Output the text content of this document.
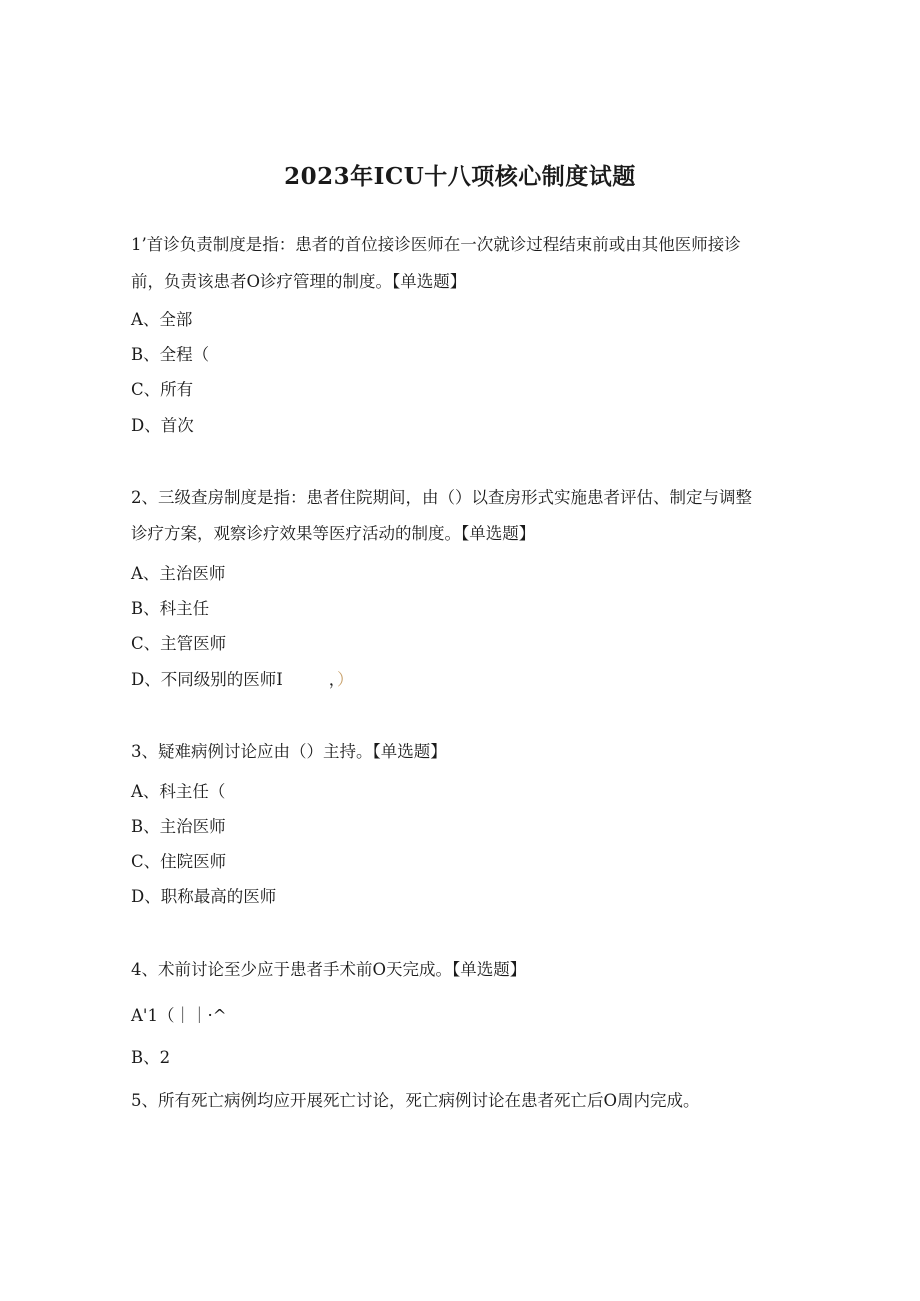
2023年ICU十八项核心制度试题
1’首诊负责制度是指：患者的首位接诊医师在一次就诊过程结束前或由其他医师接诊
前，负责该患者O诊疗管理的制度。【单选题】
A、全部
B、全程（
C、所有
D、首次
2、三级查房制度是指：患者住院期间，由（）以查房形式实施患者评估、制定与调整
诊疗方案，观察诊疗效果等医疗活动的制度。【单选题】
A、主治医师
B、科主任
C、主管医师
D、不同级别的医师I	，）
3、疑难病例讨论应由（）主持。【单选题】
A、科主任（
B、主治医师
C、住院医师
D、职称最高的医师
4、术前讨论至少应于患者手术前O天完成。【单选题】
A'1（｜｜·^
B、2
5、所有死亡病例均应开展死亡讨论，死亡病例讨论在患者死亡后O周内完成。
